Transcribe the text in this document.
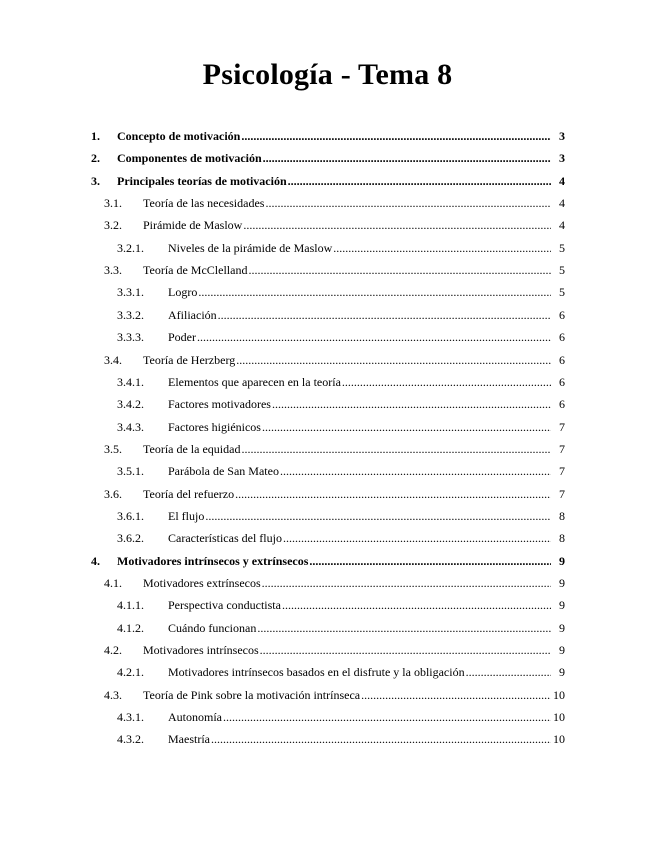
Psicología - Tema 8
1. Concepto de motivación .....	3
2. Componentes de motivación .....	3
3. Principales teorías de motivación .....	4
3.1. Teoría de las necesidades .....	4
3.2. Pirámide de Maslow .....	4
3.2.1. Niveles de la pirámide de Maslow .....	5
3.3. Teoría de McClelland .....	5
3.3.1. Logro .....	5
3.3.2. Afiliación .....	6
3.3.3. Poder .....	6
3.4. Teoría de Herzberg .....	6
3.4.1. Elementos que aparecen en la teoría .....	6
3.4.2. Factores motivadores .....	6
3.4.3. Factores higiénicos .....	7
3.5. Teoría de la equidad .....	7
3.5.1. Parábola de San Mateo .....	7
3.6. Teoría del refuerzo .....	7
3.6.1. El flujo .....	8
3.6.2. Características del flujo .....	8
4. Motivadores intrínsecos y extrínsecos .....	9
4.1. Motivadores extrínsecos .....	9
4.1.1. Perspectiva conductista .....	9
4.1.2. Cuándo funcionan .....	9
4.2. Motivadores intrínsecos .....	9
4.2.1. Motivadores intrínsecos basados en el disfrute y la obligación .....	9
4.3. Teoría de Pink sobre la motivación intrínseca .....	10
4.3.1. Autonomía .....	10
4.3.2. Maestría .....	10
